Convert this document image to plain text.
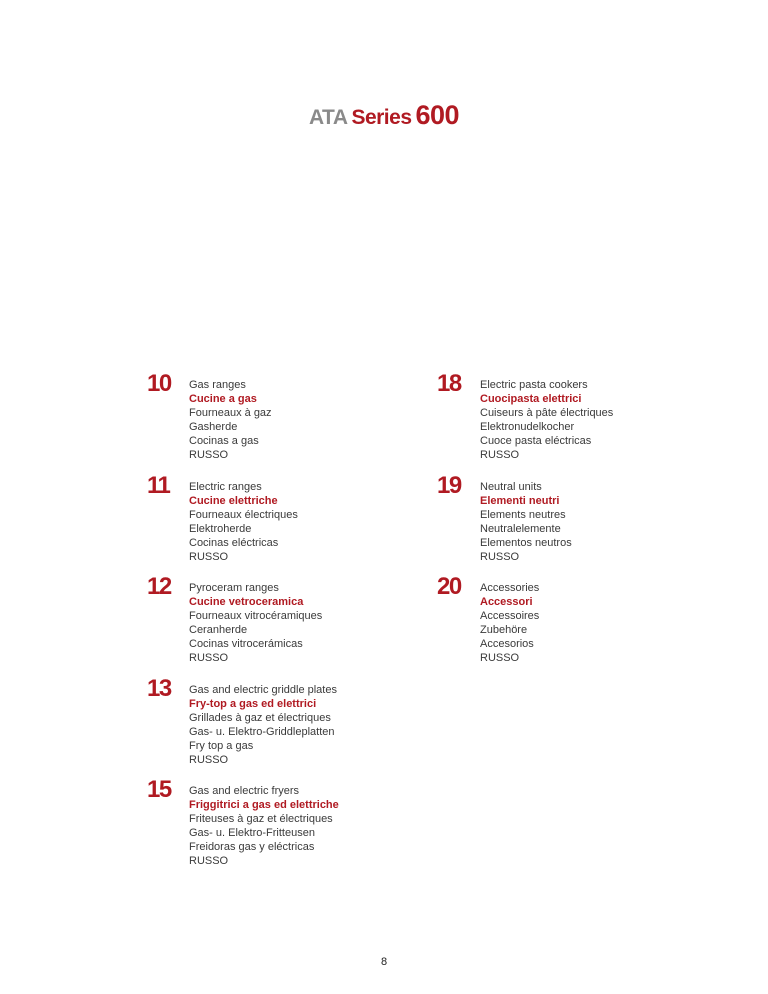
ATA Series 600
10 Gas ranges
Cucine a gas
Fourneaux à gaz
Gasherde
Cocinas a gas
RUSSO
11 Electric ranges
Cucine elettriche
Fourneaux électriques
Elektroherde
Cocinas eléctricas
RUSSO
12 Pyroceram ranges
Cucine vetroceramica
Fourneaux vitrocéramiques
Ceranherde
Cocinas vitrocerámicas
RUSSO
13 Gas and electric griddle plates
Fry-top a gas ed elettrici
Grillades à gaz et électriques
Gas- u. Elektro-Griddleplatten
Fry top a gas
RUSSO
15 Gas and electric fryers
Friggitrici a gas ed elettriche
Friteuses à gaz et électriques
Gas- u. Elektro-Fritteusen
Freidoras gas y eléctricas
RUSSO
18 Electric pasta cookers
Cuocipasta elettrici
Cuiseurs à pâte électriques
Elektronudelkocher
Cuoce pasta eléctricas
RUSSO
19 Neutral units
Elementi neutri
Elements neutres
Neutralelemente
Elementos neutros
RUSSO
20 Accessories
Accessori
Accessoires
Zubehöre
Accesorios
RUSSO
8
